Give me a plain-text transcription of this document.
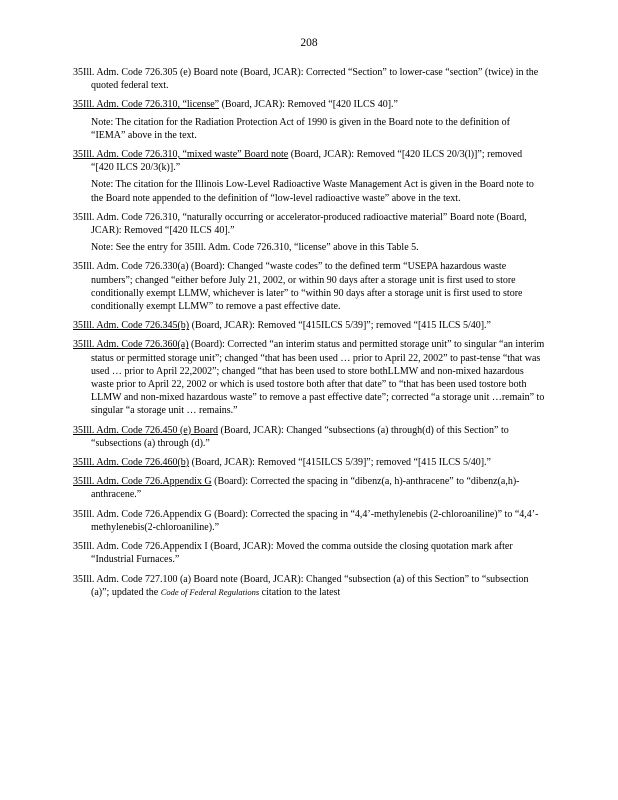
208
35Ill. Adm. Code 726.305 (e) Board note (Board, JCAR): Corrected “Section” to lower-case “section” (twice) in the quoted federal text.
35Ill. Adm. Code 726.310, “license” (Board, JCAR): Removed “[420 ILCS 40].”
Note: The citation for the Radiation Protection Act of 1990 is given in the Board note to the definition of “IEMA” above in the text.
35Ill. Adm. Code 726.310, “mixed waste” Board note (Board, JCAR): Removed “[420 ILCS 20/3(l)]”; removed “[420 ILCS 20/3(k)].”
Note: The citation for the Illinois Low-Level Radioactive Waste Management Act is given in the Board note to the Board note appended to the definition of “low-level radioactive waste” above in the text.
35Ill. Adm. Code 726.310, “naturally occurring or accelerator-produced radioactive material” Board note (Board, JCAR): Removed “[420 ILCS 40].”
Note: See the entry for 35Ill. Adm. Code 726.310, “license” above in this Table 5.
35Ill. Adm. Code 726.330(a) (Board): Changed “waste codes” to the defined term “USEPA hazardous waste numbers”; changed “either before July 21, 2002, or within 90 days after a storage unit is first used to store conditionally exempt LLMW, whichever is later” to “within 90 days after a storage unit is first used to store conditionally exempt LLMW” to remove a past effective date.
35Ill. Adm. Code 726.345(b) (Board, JCAR): Removed “[415ILCS 5/39]”; removed “[415 ILCS 5/40].”
35Ill. Adm. Code 726.360(a) (Board): Corrected “an interim status and permitted storage unit” to singular “an interim status or permitted storage unit”; changed “that has been used … prior to April 22, 2002” to past-tense “that was used … prior to April 22,2002”; changed “that has been used to store bothLLMW and non-mixed hazardous waste prior to April 22, 2002 or which is used tostore both after that date” to “that has been used tostore both LLMW and non-mixed hazardous waste” to remove a past effective date”; corrected “a storage unit …remain” to singular “a storage unit … remains.”
35Ill. Adm. Code 726.450 (e) Board (Board, JCAR): Changed “subsections (a) through(d) of this Section” to “subsections (a) through (d).”
35Ill. Adm. Code 726.460(b) (Board, JCAR): Removed “[415ILCS 5/39]”; removed “[415 ILCS 5/40].”
35Ill. Adm. Code 726.Appendix G (Board): Corrected the spacing in “dibenz(a, h)-anthracene” to “dibenz(a,h)-anthracene.”
35Ill. Adm. Code 726.Appendix G (Board): Corrected the spacing in “4,4’-methylenebis (2-chloroaniline)” to “4,4’-methylenebis(2-chloroaniline).”
35Ill. Adm. Code 726.Appendix I (Board, JCAR): Moved the comma outside the closing quotation mark after “Industrial Furnaces.”
35Ill. Adm. Code 727.100 (a) Board note (Board, JCAR): Changed “subsection (a) of this Section” to “subsection (a)”; updated the Code of Federal Regulations citation to the latest
